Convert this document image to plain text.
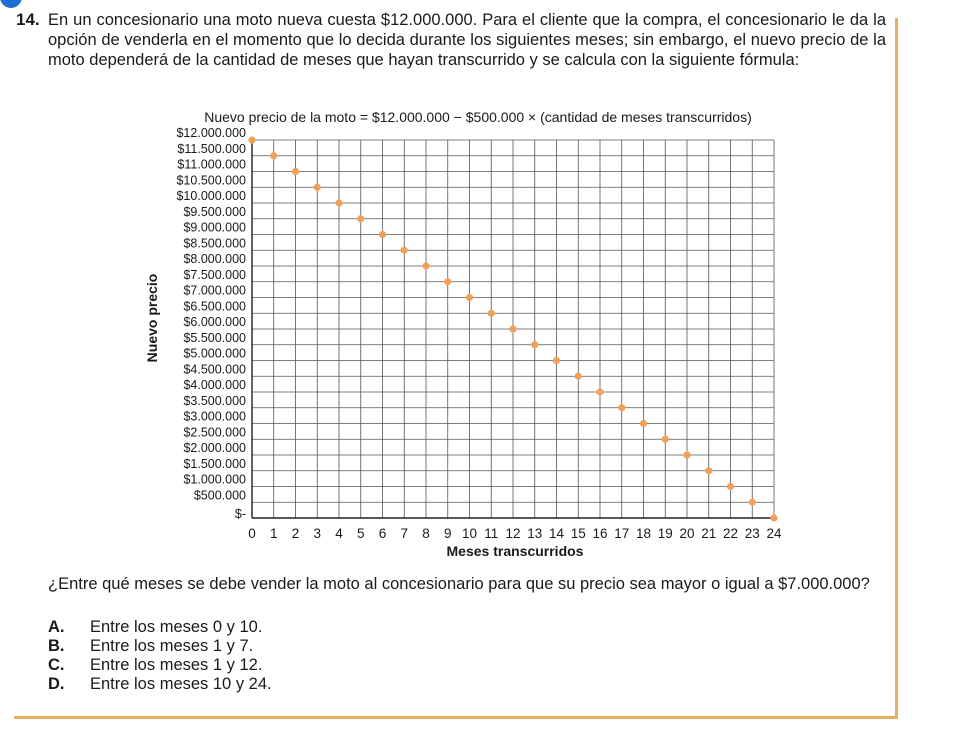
14. En un concesionario una moto nueva cuesta $12.000.000. Para el cliente que la compra, el concesionario le da la opción de venderla en el momento que lo decida durante los siguientes meses; sin embargo, el nuevo precio de la moto dependerá de la cantidad de meses que hayan transcurrido y se calcula con la siguiente fórmula:
Nuevo precio de la moto = $12.000.000 − $500.000 × (cantidad de meses transcurridos)
$-
$500.000
$1.000.000
$1.500.000
$2.000.000
$2.500.000
$3.000.000
$3.500.000
$4.000.000
$4.500.000
$5.000.000
$5.500.000
$6.000.000
$6.500.000
$7.000.000
$7.500.000
$8.000.000
$8.500.000
$9.000.000
$9.500.000
$10.000.000
$10.500.000
$11.000.000
$11.500.000
$12.000.000
0 1 2 3 4 5 6 7 8 9 10 11 12 13 14 15 16 17 18 19 20 21 22 23 24
Meses transcurridos
Nuevo precio
¿Entre qué meses se debe vender la moto al concesionario para que su precio sea mayor o igual a $7.000.000?
A. Entre los meses 0 y 10.
B. Entre los meses 1 y 7.
C. Entre los meses 1 y 12.
D. Entre los meses 10 y 24.
